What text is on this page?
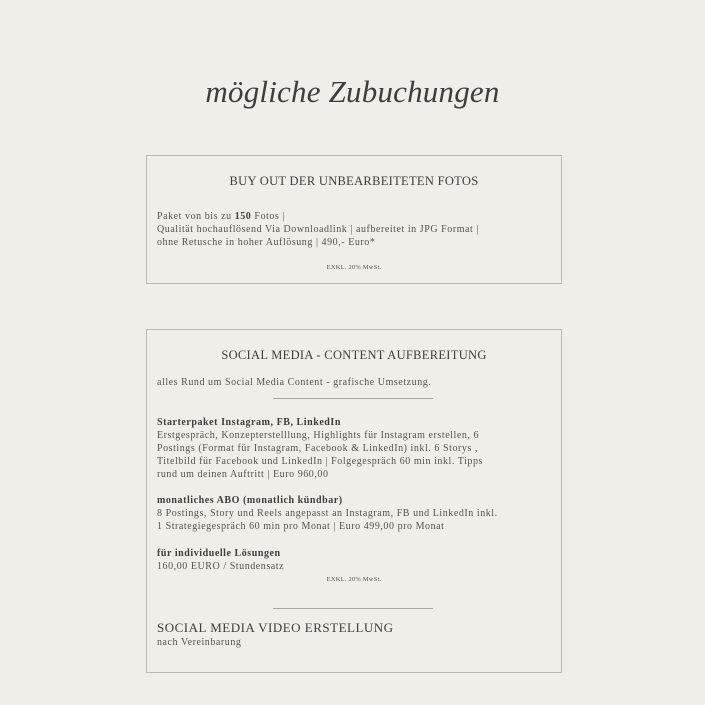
mögliche Zubuchungen
BUY OUT DER UNBEARBEITETEN FOTOS
Paket von bis zu 150 Fotos |
Qualität hochauflösend Via Downloadlink | aufbereitet in JPG Format |
ohne Retusche in hoher Auflösung | 490,- Euro*
EXKL. 20% MwSt.
SOCIAL MEDIA - CONTENT AUFBEREITUNG
alles Rund um Social Media Content - grafische Umsetzung.
Starterpaket Instagram, FB, LinkedIn
Erstgespräch, Konzepterstelllung, Highlights für Instagram erstellen, 6
Postings (Format für Instagram, Facebook & LinkedIn) inkl. 6 Storys ,
Titelbild für Facebook und LinkedIn | Folgegespräch 60 min inkl. Tipps
rund um deinen Auftritt | Euro 960,00
monatliches ABO (monatlich kündbar)
8 Postings, Story und Reels angepasst an Instagram, FB und LinkedIn inkl.
1 Strategiegespräch 60 min pro Monat | Euro 499,00 pro Monat
für individuelle Lösungen
160,00 EURO / Stundensatz
EXKL. 20% MwSt.
SOCIAL MEDIA VIDEO ERSTELLUNG
nach Vereinbarung
